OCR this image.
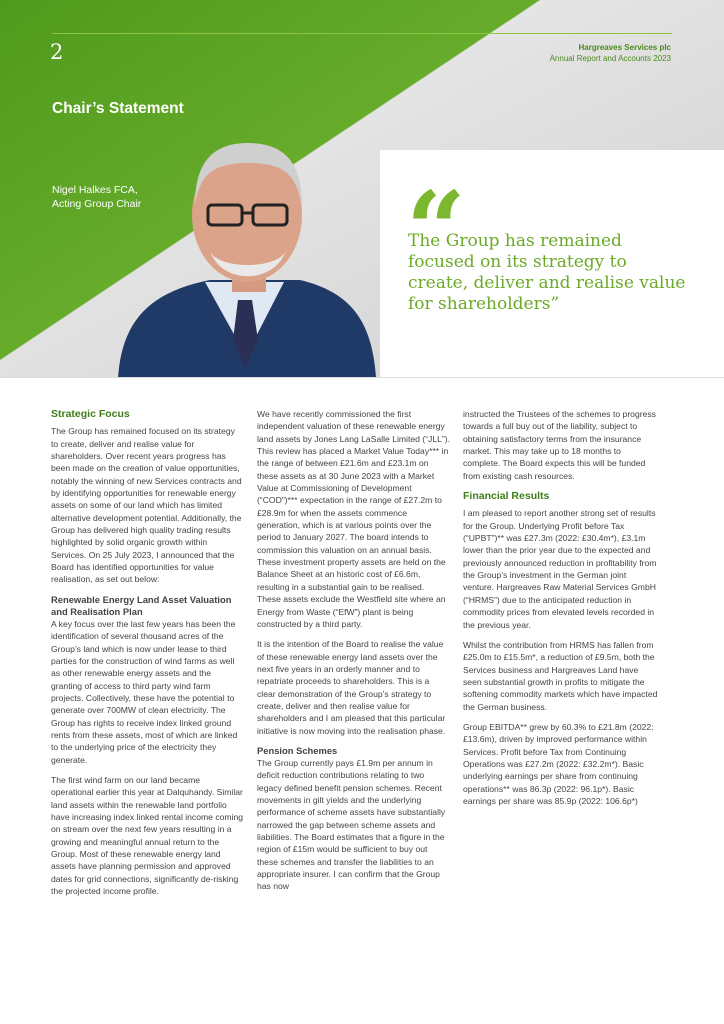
2	Hargreaves Services plc
Annual Report and Accounts 2023
Chair’s Statement
Nigel Halkes FCA,
Acting Group Chair	“
The Group has remained focused on its strategy to create, deliver and realise value for shareholders”
Strategic Focus

The Group has remained focused on its strategy to create, deliver and realise value for shareholders. Over recent years progress has been made on the creation of value opportunities, notably the winning of new Services contracts and by identifying opportunities for renewable energy assets on some of our land which has limited alternative development potential. Additionally, the Group has delivered high quality trading results highlighted by solid organic growth within Services. On 25 July 2023, I announced that the Board has identified opportunities for value realisation, as set out below:

Renewable Energy Land Asset Valuation and Realisation Plan

A key focus over the last few years has been the identification of several thousand acres of the Group’s land which is now under lease to third parties for the construction of wind farms as well as other renewable energy assets and the granting of access to third party wind farm projects. Collectively, these have the potential to generate over 700MW of clean electricity. The Group has rights to receive index linked ground rents from these assets, most of which are linked to the underlying price of the electricity they generate.

The first wind farm on our land became operational earlier this year at Dalquhandy. Similar land assets within the renewable land portfolio have increasing index linked rental income coming on stream over the next few years resulting in a growing and meaningful annual return to the Group. Most of these renewable energy land assets have planning permission and approved dates for grid connections, significantly de-risking the projected income profile.

We have recently commissioned the first independent valuation of these renewable energy land assets by Jones Lang LaSalle Limited (“JLL”). This review has placed a Market Value Today*** in the range of between £21.6m and £23.1m on these assets as at 30 June 2023 with a Market Value at Commissioning of Development (“COD”)*** expectation in the range of £27.2m to £28.9m for when the assets commence generation, which is at various points over the period to January 2027. The board intends to commission this valuation on an annual basis. These investment property assets are held on the Balance Sheet at an historic cost of £6.6m, resulting in a substantial gain to be realised. These assets exclude the Westfield site where an Energy from Waste (“EfW”) plant is being constructed by a third party.

It is the intention of the Board to realise the value of these renewable energy land assets over the next five years in an orderly manner and to repatriate proceeds to shareholders. This is a clear demonstration of the Group’s strategy to create, deliver and then realise value for shareholders and I am pleased that this particular initiative is now moving into the realisation phase.

Pension Schemes

The Group currently pays £1.9m per annum in deficit reduction contributions relating to two legacy defined benefit pension schemes. Recent movements in gilt yields and the underlying performance of scheme assets have substantially narrowed the gap between scheme assets and liabilities. The Board estimates that a figure in the region of £15m would be sufficient to buy out these schemes and transfer the liabilities to an appropriate insurer. I can confirm that the Group has now

instructed the Trustees of the schemes to progress towards a full buy out of the liability, subject to obtaining satisfactory terms from the insurance market. This may take up to 18 months to complete. The Board expects this will be funded from existing cash resources.

Financial Results

I am pleased to report another strong set of results for the Group. Underlying Profit before Tax (“UPBT”)** was £27.3m (2022: £30.4m*), £3.1m lower than the prior year due to the expected and previously announced reduction in profitability from the Group’s investment in the German joint venture. Hargreaves Raw Material Services GmbH (“HRMS”) due to the anticipated reduction in commodity prices from elevated levels recorded in the previous year.

Whilst the contribution from HRMS has fallen from £25.0m to £15.5m*, a reduction of £9.5m, both the Services business and Hargreaves Land have seen substantial growth in profits to mitigate the softening commodity markets which have impacted the German business.

Group EBITDA** grew by 60.3% to £21.8m (2022: £13.6m), driven by improved performance within Services. Profit before Tax from Continuing Operations was £27.2m (2022: £32.2m*). Basic underlying earnings per share from continuing operations** was 86.3p (2022: 96.1p*). Basic earnings per share was 85.9p (2022: 106.6p*)
